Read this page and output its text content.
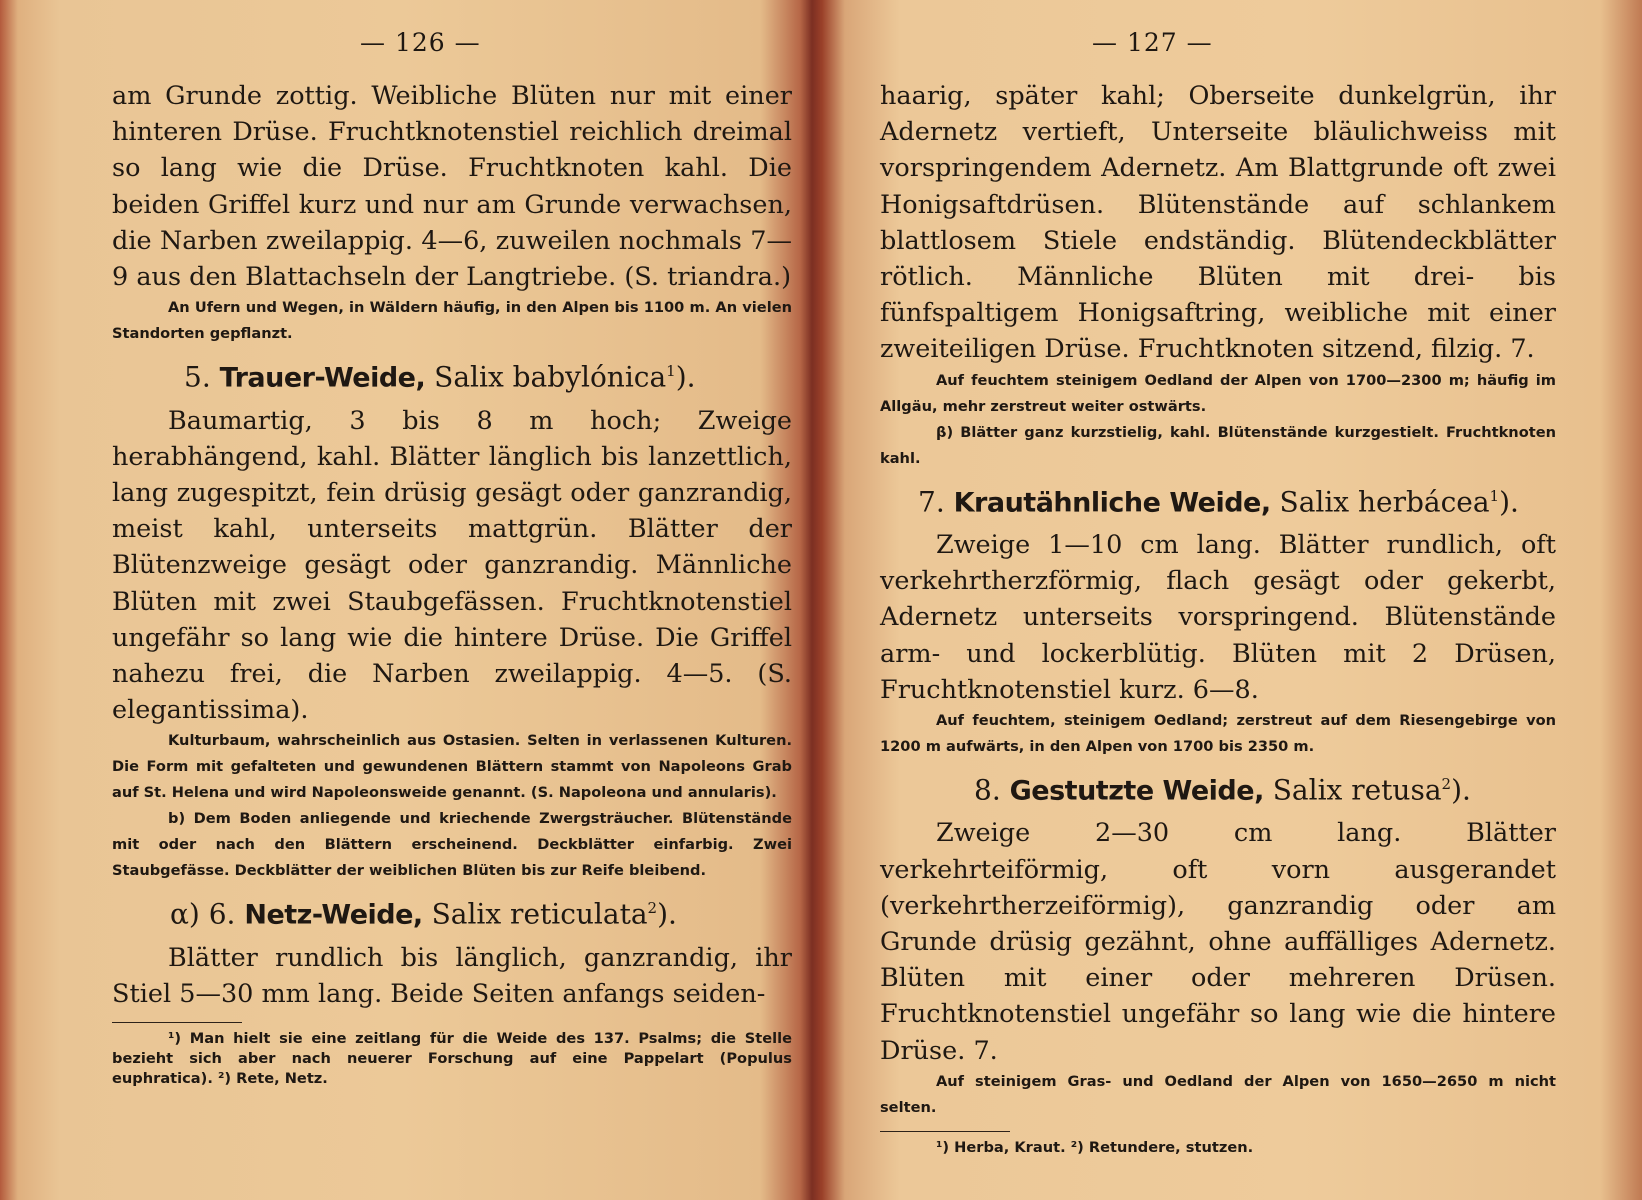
— 126 —

am Grunde zottig. Weibliche Blüten nur mit einer hinteren Drüse. Fruchtknotenstiel reichlich dreimal so lang wie die Drüse. Fruchtknoten kahl. Die beiden Griffel kurz und nur am Grunde verwachsen, die Narben zweilappig. 4—6, zuweilen nochmals 7—9 aus den Blattachseln der Langtriebe. (S. triandra.)

An Ufern und Wegen, in Wäldern häufig, in den Alpen bis 1100 m. An vielen Standorten gepflanzt.

5. Trauer-Weide, Salix babylónica$^1$).

Baumartig, 3 bis 8 m hoch; Zweige herabhängend, kahl. Blätter länglich bis lanzettlich, lang zugespitzt, fein drüsig gesägt oder ganzrandig, meist kahl, unterseits mattgrün. Blätter der Blütenzweige gesägt oder ganzrandig. Männliche Blüten mit zwei Staubgefässen. Fruchtknotenstiel ungefähr so lang wie die hintere Drüse. Die Griffel nahezu frei, die Narben zweilappig. 4—5. (S. elegantissima).

Kulturbaum, wahrscheinlich aus Ostasien. Selten in verlassenen Kulturen. Die Form mit gefalteten und gewundenen Blättern stammt von Napoleons Grab auf St. Helena und wird Napoleonsweide genannt. (S. Napoleona und annularis).

b) Dem Boden anliegende und kriechende Zwergsträucher. Blütenstände mit oder nach den Blättern erscheinend. Deckblätter einfarbig. Zwei Staubgefässe. Deckblätter der weiblichen Blüten bis zur Reife bleibend.

α) 6. Netz-Weide, Salix reticulata$^2$).

Blätter rundlich bis länglich, ganzrandig, ihr Stiel 5—30 mm lang. Beide Seiten anfangs seiden-

¹) Man hielt sie eine zeitlang für die Weide des 137. Psalms; die Stelle bezieht sich aber nach neuerer Forschung auf eine Pappelart (Populus euphratica). ²) Rete, Netz.

— 127 —

haarig, später kahl; Oberseite dunkelgrün, ihr Adernetz vertieft, Unterseite bläulichweiss mit vorspringendem Adernetz. Am Blattgrunde oft zwei Honigsaftdrüsen. Blütenstände auf schlankem blattlosem Stiele endständig. Blütendeckblätter rötlich. Männliche Blüten mit drei- bis fünfspaltigem Honigsaftring, weibliche mit einer zweiteiligen Drüse. Fruchtknoten sitzend, filzig. 7.

Auf feuchtem steinigem Oedland der Alpen von 1700—2300 m; häufig im Allgäu, mehr zerstreut weiter ostwärts.

β) Blätter ganz kurzstielig, kahl. Blütenstände kurzgestielt. Fruchtknoten kahl.

7. Krautähnliche Weide, Salix herbácea$^1$).

Zweige 1—10 cm lang. Blätter rundlich, oft verkehrtherzförmig, flach gesägt oder gekerbt, Adernetz unterseits vorspringend. Blütenstände arm- und lockerblütig. Blüten mit 2 Drüsen, Fruchtknotenstiel kurz. 6—8.

Auf feuchtem, steinigem Oedland; zerstreut auf dem Riesengebirge von 1200 m aufwärts, in den Alpen von 1700 bis 2350 m.

8. Gestutzte Weide, Salix retusa$^2$).

Zweige 2—30 cm lang. Blätter verkehrteiförmig, oft vorn ausgerandet (verkehrtherzeiförmig), ganzrandig oder am Grunde drüsig gezähnt, ohne auffälliges Adernetz. Blüten mit einer oder mehreren Drüsen. Fruchtknotenstiel ungefähr so lang wie die hintere Drüse. 7.

Auf steinigem Gras- und Oedland der Alpen von 1650—2650 m nicht selten.

¹) Herba, Kraut. ²) Retundere, stutzen.
